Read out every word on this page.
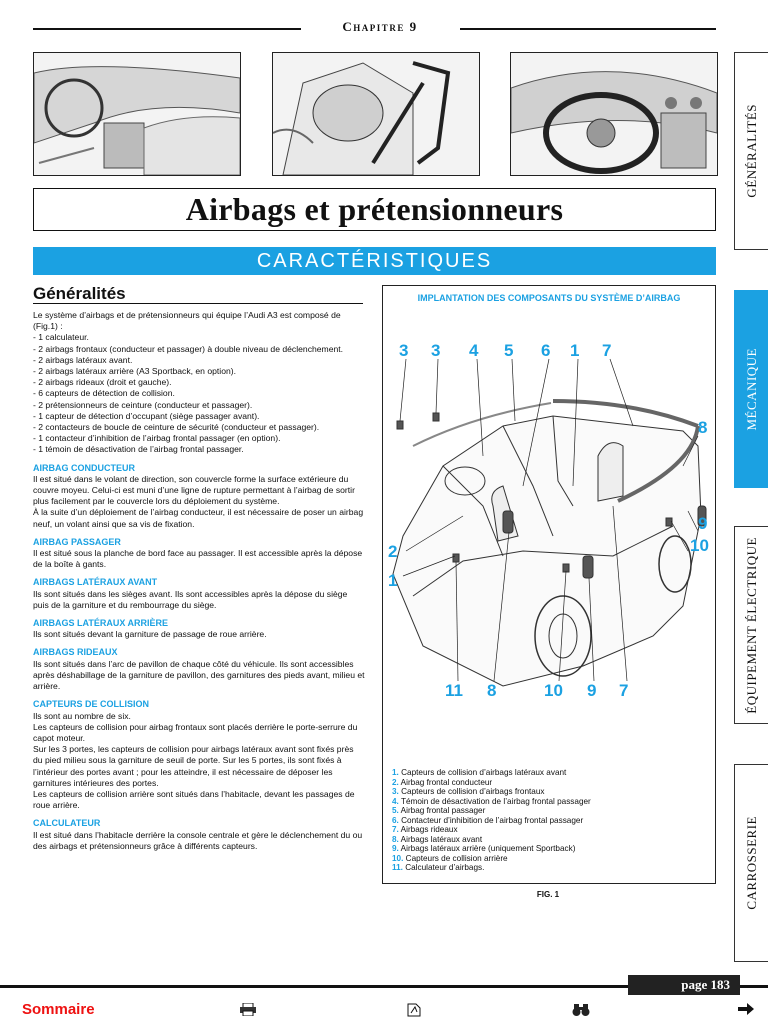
Chapitre 9
Airbags et prétensionneurs
CARACTÉRISTIQUES
Généralités

Le système d’airbags et de prétensionneurs qui équipe l’Audi A3 est composé de (Fig.1) :

- 1 calculateur.

- 2 airbags frontaux (conducteur et passager) à double niveau de déclenchement.

- 2 airbags latéraux avant.

- 2 airbags latéraux arrière (A3 Sportback, en option).

- 2 airbags rideaux (droit et gauche).

- 6 capteurs de détection de collision.

- 2 prétensionneurs de ceinture (conducteur et passager).

- 1 capteur de détection d’occupant (siège passager avant).

- 2 contacteurs de boucle de ceinture de sécurité (conducteur et passager).

- 1 contacteur d’inhibition de l’airbag frontal passager (en option).

- 1 témoin de désactivation de l’airbag frontal passager.

AIRBAG CONDUCTEUR

Il est situé dans le volant de direction, son couvercle forme la surface extérieure du couvre moyeu. Celui-ci est muni d’une ligne de rupture permettant à l’airbag de sortir plus facilement par le couvercle lors du déploiement du système.

À la suite d’un déploiement de l’airbag conducteur, il est nécessaire de poser un airbag neuf, un volant ainsi que sa vis de fixation.

AIRBAG PASSAGER

Il est situé sous la planche de bord face au passager. Il est accessible après la dépose de la boîte à gants.

AIRBAGS LATÉRAUX AVANT

Ils sont situés dans les sièges avant. Ils sont accessibles après la dépose du siège puis de la garniture et du rembourrage du siège.

AIRBAGS LATÉRAUX ARRIÈRE

Ils sont situés devant la garniture de passage de roue arrière.

AIRBAGS RIDEAUX

Ils sont situés dans l’arc de pavillon de chaque côté du véhicule. Ils sont accessibles après déshabillage de la garniture de pavillon, des garnitures des pieds avant, milieu et arrière.

CAPTEURS DE COLLISION

Ils sont au nombre de six.

Les capteurs de collision pour airbag frontaux sont placés derrière le porte-serrure du capot moteur.

Sur les 3 portes, les capteurs de collision pour airbags latéraux avant sont fixés près du pied milieu sous la garniture de seuil de porte. Sur les 5 portes, ils sont fixés à l’intérieur des portes avant ; pour les atteindre, il est nécessaire de déposer les garnitures intérieures des portes.

Les capteurs de collision arrière sont situés dans l’habitacle, devant les passages de roue arrière.

CALCULATEUR

Il est situé dans l’habitacle derrière la console centrale et gère le déclenchement du ou des airbags et prétensionneurs grâce à différents capteurs.

IMPLANTATION DES COMPOSANTS DU SYSTÈME D’AIRBAG
3 3 4 5 6 1 7
8
9
10
2
1
11 8	10 9 7
1. Capteurs de collision d’airbags latéraux avant
2. Airbag frontal conducteur
3. Capteurs de collision d’airbags frontaux
4. Témoin de désactivation de l’airbag frontal passager
5. Airbag frontal passager
6. Contacteur d’inhibition de l’airbag frontal passager
7. Airbags rideaux
8. Airbags latéraux avant
9. Airbags latéraux arrière (uniquement Sportback)
10. Capteurs de collision arrière
11. Calculateur d’airbags.
FIG. 1
GÉNÉRALITÉS
MÉCANIQUE
ÉQUIPEMENT ÉLECTRIQUE
CARROSSERIE
page 183
Sommaire
